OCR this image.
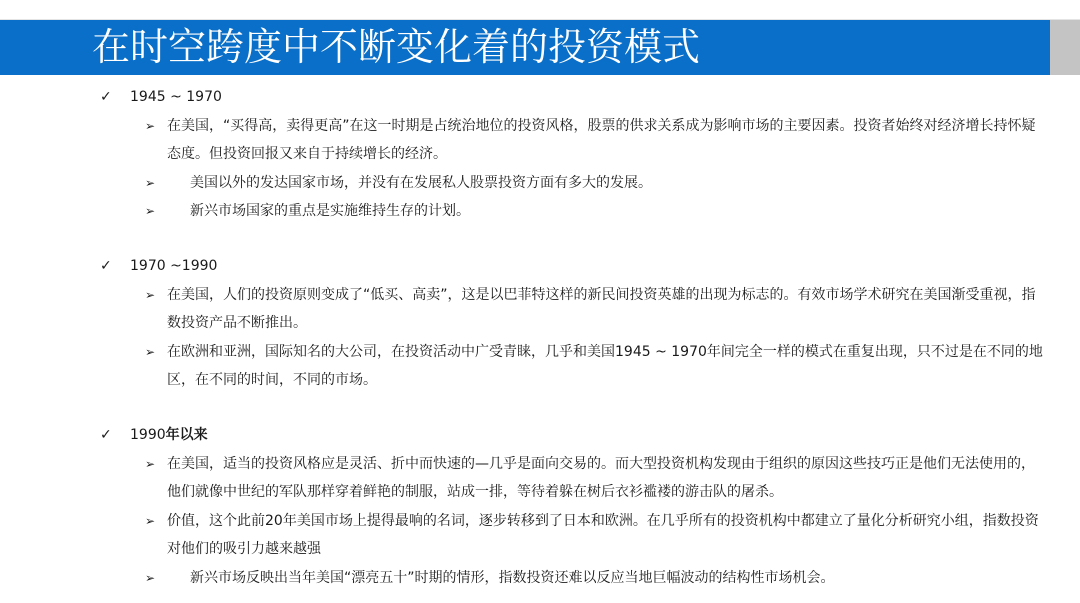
在时空跨度中不断变化着的投资模式
✓ 1945 ~ 1970
➢ 在美国，“买得高，卖得更高”在这一时期是占统治地位的投资风格，股票的供求关系成为影响市场的主要因素。投资者始终对经济增长持怀疑态度。但投资回报又来自于持续增长的经济。
➢	美国以外的发达国家市场，并没有在发展私人股票投资方面有多大的发展。
➢	新兴市场国家的重点是实施维持生存的计划。
✓ 1970 ~1990
➢ 在美国，人们的投资原则变成了“低买、高卖”，这是以巴菲特这样的新民间投资英雄的出现为标志的。有效市场学术研究在美国渐受重视，指数投资产品不断推出。
➢ 在欧洲和亚洲，国际知名的大公司，在投资活动中广受青睐，几乎和美国1945 ~ 1970年间完全一样的模式在重复出现，只不过是在不同的地区，在不同的时间，不同的市场。
✓ 1990年以来
➢ 在美国，适当的投资风格应是灵活、折中而快速的—几乎是面向交易的。而大型投资机构发现由于组织的原因这些技巧正是他们无法使用的，他们就像中世纪的军队那样穿着鲜艳的制服，站成一排，等待着躲在树后衣衫褴褛的游击队的屠杀。
➢ 价值，这个此前20年美国市场上提得最响的名词，逐步转移到了日本和欧洲。在几乎所有的投资机构中都建立了量化分析研究小组，指数投资对他们的吸引力越来越强
➢	新兴市场反映出当年美国“漂亮五十”时期的情形，指数投资还难以反应当地巨幅波动的结构性市场机会。
